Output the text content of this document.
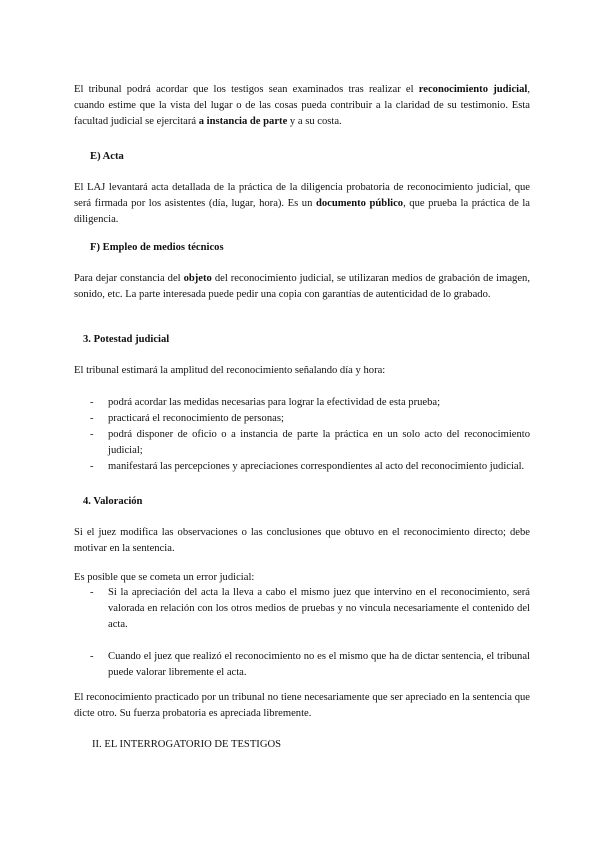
El tribunal podrá acordar que los testigos sean examinados tras realizar el reconocimiento judicial, cuando estime que la vista del lugar o de las cosas pueda contribuir a la claridad de su testimonio. Esta facultad judicial se ejercitará a instancia de parte y a su costa.

E) Acta

El LAJ levantará acta detallada de la práctica de la diligencia probatoria de reconocimiento judicial, que será firmada por los asistentes (día, lugar, hora). Es un documento público, que prueba la práctica de la diligencia.

F) Empleo de medios técnicos

Para dejar constancia del objeto del reconocimiento judicial, se utilizaran medios de grabación de imagen, sonido, etc. La parte interesada puede pedir una copia con garantías de autenticidad de lo grabado.

3. Potestad judicial

El tribunal estimará la amplitud del reconocimiento señalando día y hora:

- podrá acordar las medidas necesarias para lograr la efectividad de esta prueba;
- practicará el reconocimiento de personas;
- podrá disponer de oficio o a instancia de parte la práctica en un solo acto del reconocimiento judicial;
- manifestará las percepciones y apreciaciones correspondientes al acto del reconocimiento judicial.
4. Valoración

Si el juez modifica las observaciones o las conclusiones que obtuvo en el reconocimiento directo; debe motivar en la sentencia.

Es posible que se cometa un error judicial:

- Si la apreciación del acta la lleva a cabo el mismo juez que intervino en el reconocimiento, será valorada en relación con los otros medios de pruebas y no vincula necesariamente el contenido del acta.
- Cuando el juez que realizó el reconocimiento no es el mismo que ha de dictar sentencia, el tribunal puede valorar libremente el acta.

El reconocimiento practicado por un tribunal no tiene necesariamente que ser apreciado en la sentencia que dicte otro. Su fuerza probatoria es apreciada libremente.

II. EL INTERROGATORIO DE TESTIGOS
